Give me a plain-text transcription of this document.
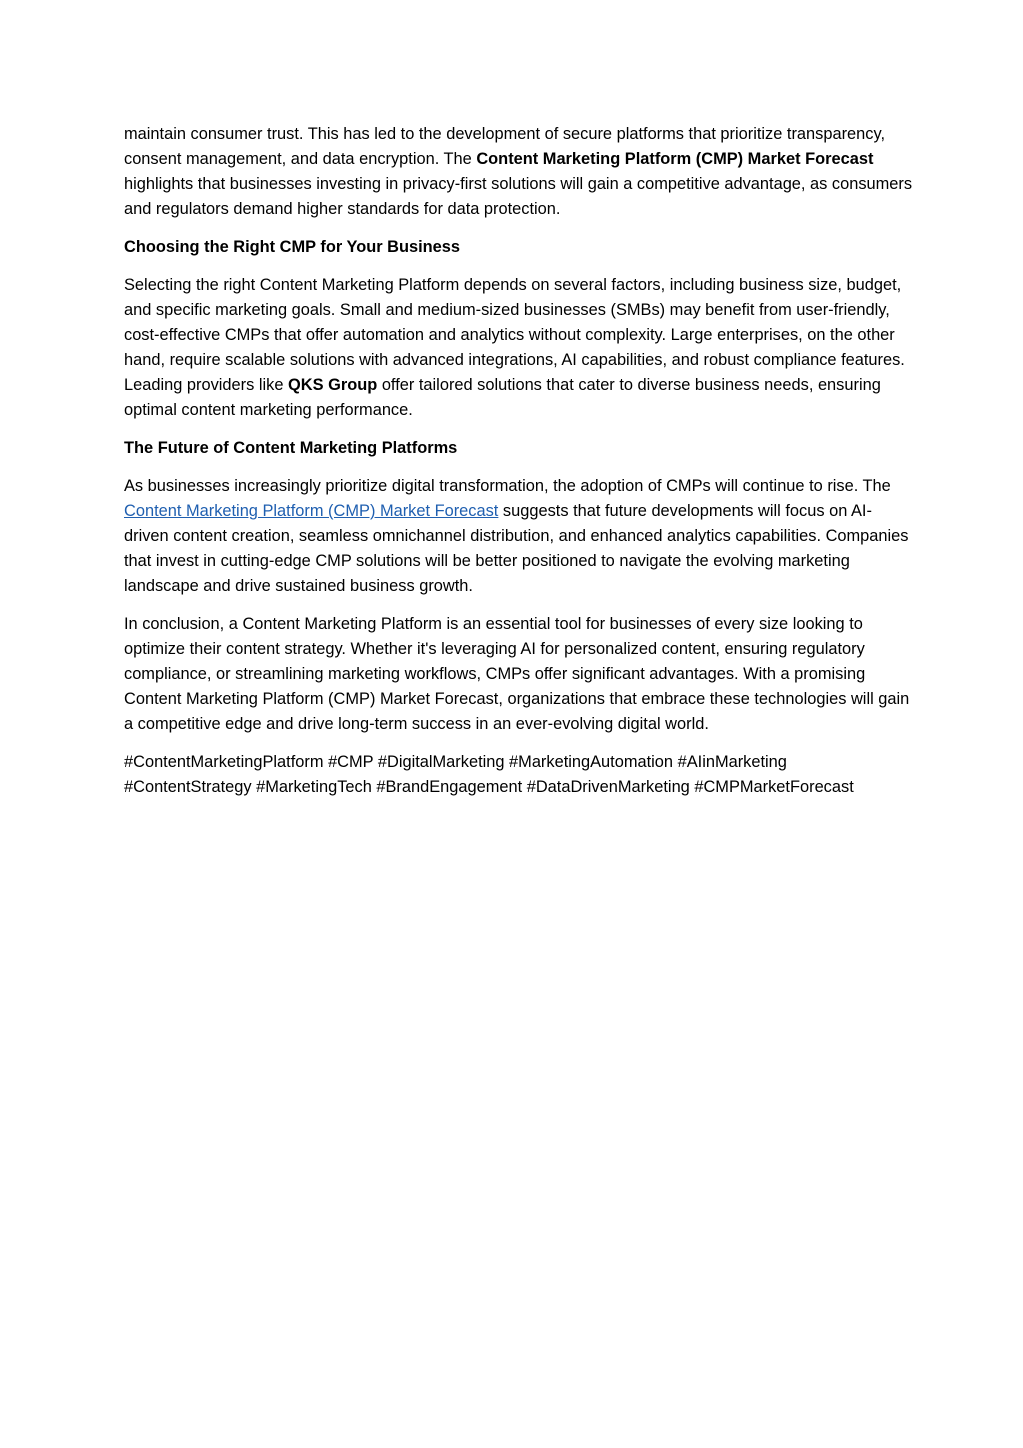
maintain consumer trust. This has led to the development of secure platforms that prioritize transparency, consent management, and data encryption. The Content Marketing Platform (CMP) Market Forecast highlights that businesses investing in privacy-first solutions will gain a competitive advantage, as consumers and regulators demand higher standards for data protection.

Choosing the Right CMP for Your Business

Selecting the right Content Marketing Platform depends on several factors, including business size, budget, and specific marketing goals. Small and medium-sized businesses (SMBs) may benefit from user-friendly, cost-effective CMPs that offer automation and analytics without complexity. Large enterprises, on the other hand, require scalable solutions with advanced integrations, AI capabilities, and robust compliance features. Leading providers like QKS Group offer tailored solutions that cater to diverse business needs, ensuring optimal content marketing performance.

The Future of Content Marketing Platforms

As businesses increasingly prioritize digital transformation, the adoption of CMPs will continue to rise. The Content Marketing Platform (CMP) Market Forecast suggests that future developments will focus on AI-driven content creation, seamless omnichannel distribution, and enhanced analytics capabilities. Companies that invest in cutting-edge CMP solutions will be better positioned to navigate the evolving marketing landscape and drive sustained business growth.

In conclusion, a Content Marketing Platform is an essential tool for businesses of every size looking to optimize their content strategy. Whether it's leveraging AI for personalized content, ensuring regulatory compliance, or streamlining marketing workflows, CMPs offer significant advantages. With a promising Content Marketing Platform (CMP) Market Forecast, organizations that embrace these technologies will gain a competitive edge and drive long-term success in an ever-evolving digital world.

#ContentMarketingPlatform #CMP #DigitalMarketing #MarketingAutomation #AIinMarketing #ContentStrategy #MarketingTech #BrandEngagement #DataDrivenMarketing #CMPMarketForecast
